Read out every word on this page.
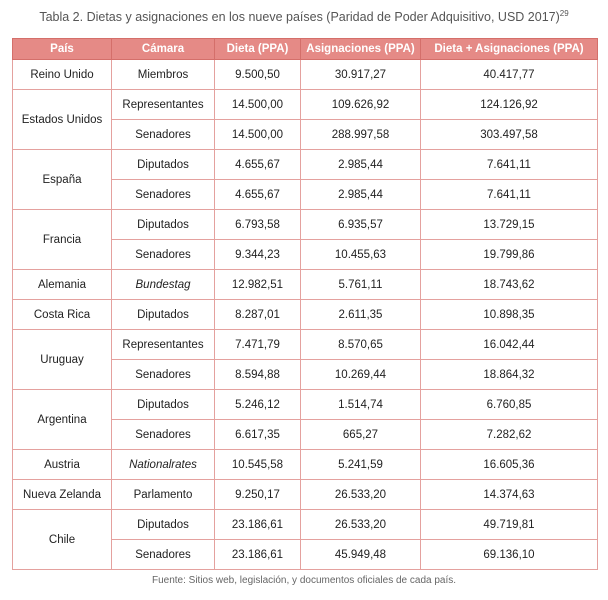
Tabla 2. Dietas y asignaciones en los nueve países (Paridad de Poder Adquisitivo, USD 2017)$^{29}$
País	Cámara	Dieta (PPA)	Asignaciones (PPA)	Dieta + Asignaciones (PPA)
Reino Unido	Miembros	9.500,50	30.917,27	40.417,77
Estados Unidos	Representantes	14.500,00	109.626,92	124.126,92
	Senadores	14.500,00	288.997,58	303.497,58
España	Diputados	4.655,67	2.985,44	7.641,11
	Senadores	4.655,67	2.985,44	7.641,11
Francia	Diputados	6.793,58	6.935,57	13.729,15
	Senadores	9.344,23	10.455,63	19.799,86
Alemania	Bundestag	12.982,51	5.761,11	18.743,62
Costa Rica	Diputados	8.287,01	2.611,35	10.898,35
Uruguay	Representantes	7.471,79	8.570,65	16.042,44
	Senadores	8.594,88	10.269,44	18.864,32
Argentina	Diputados	5.246,12	1.514,74	6.760,85
	Senadores	6.617,35	665,27	7.282,62
Austria	Nationalrates	10.545,58	5.241,59	16.605,36
Nueva Zelanda	Parlamento	9.250,17	26.533,20	14.374,63
Chile	Diputados	23.186,61	26.533,20	49.719,81
	Senadores	23.186,61	45.949,48	69.136,10
Fuente: Sitios web, legislación, y documentos oficiales de cada país.
